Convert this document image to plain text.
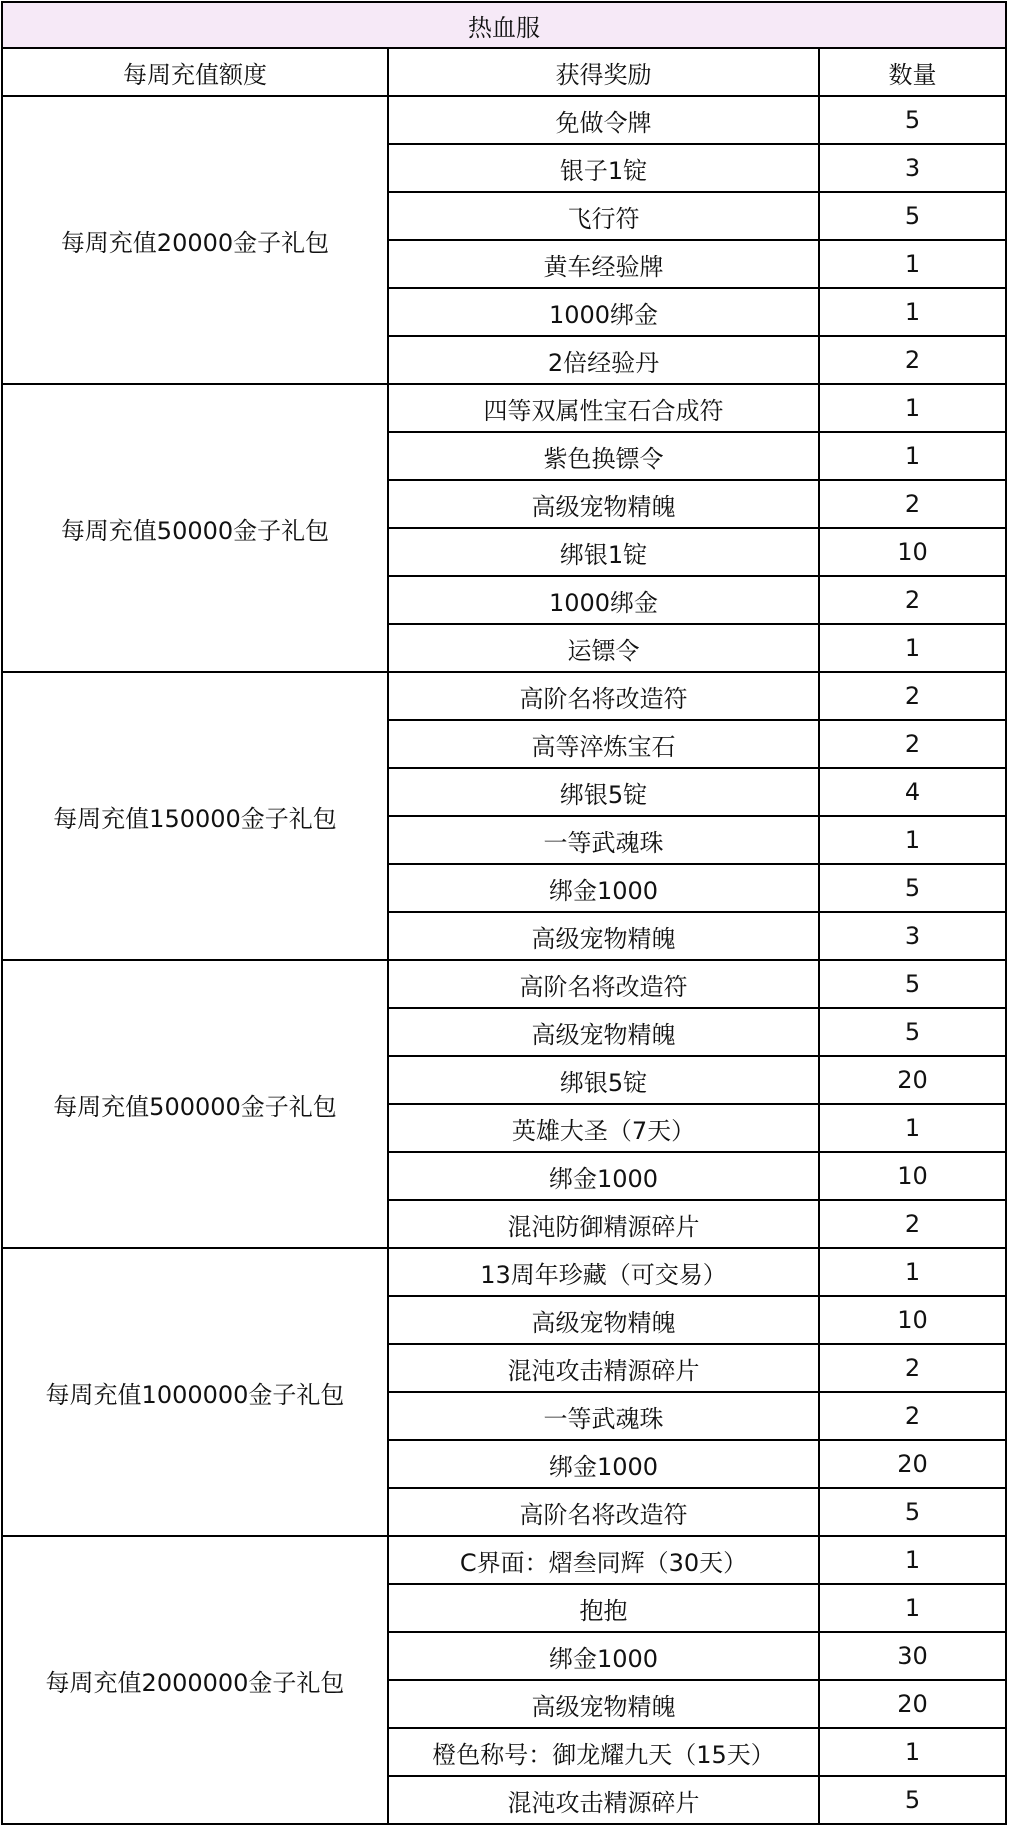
热血服		
每周充值额度	获得奖励	数量
每周充值20000金子礼包	免做令牌	5
	银子1锭	3
	飞行符	5
	黄车经验牌	1
	1000绑金	1
	2倍经验丹	2
每周充值50000金子礼包	四等双属性宝石合成符	1
	紫色换镖令	1
	高级宠物精魄	2
	绑银1锭	10
	1000绑金	2
	运镖令	1
每周充值150000金子礼包	高阶名将改造符	2
	高等淬炼宝石	2
	绑银5锭	4
	一等武魂珠	1
	绑金1000	5
	高级宠物精魄	3
每周充值500000金子礼包	高阶名将改造符	5
	高级宠物精魄	5
	绑银5锭	20
	英雄大圣（7天）	1
	绑金1000	10
	混沌防御精源碎片	2
每周充值1000000金子礼包	13周年珍藏（可交易）	1
	高级宠物精魄	10
	混沌攻击精源碎片	2
	一等武魂珠	2
	绑金1000	20
	高阶名将改造符	5
每周充值2000000金子礼包	C界面：熠叁同辉（30天）	1
	抱抱	1
	绑金1000	30
	高级宠物精魄	20
	橙色称号：御龙耀九天（15天）	1
	混沌攻击精源碎片	5
